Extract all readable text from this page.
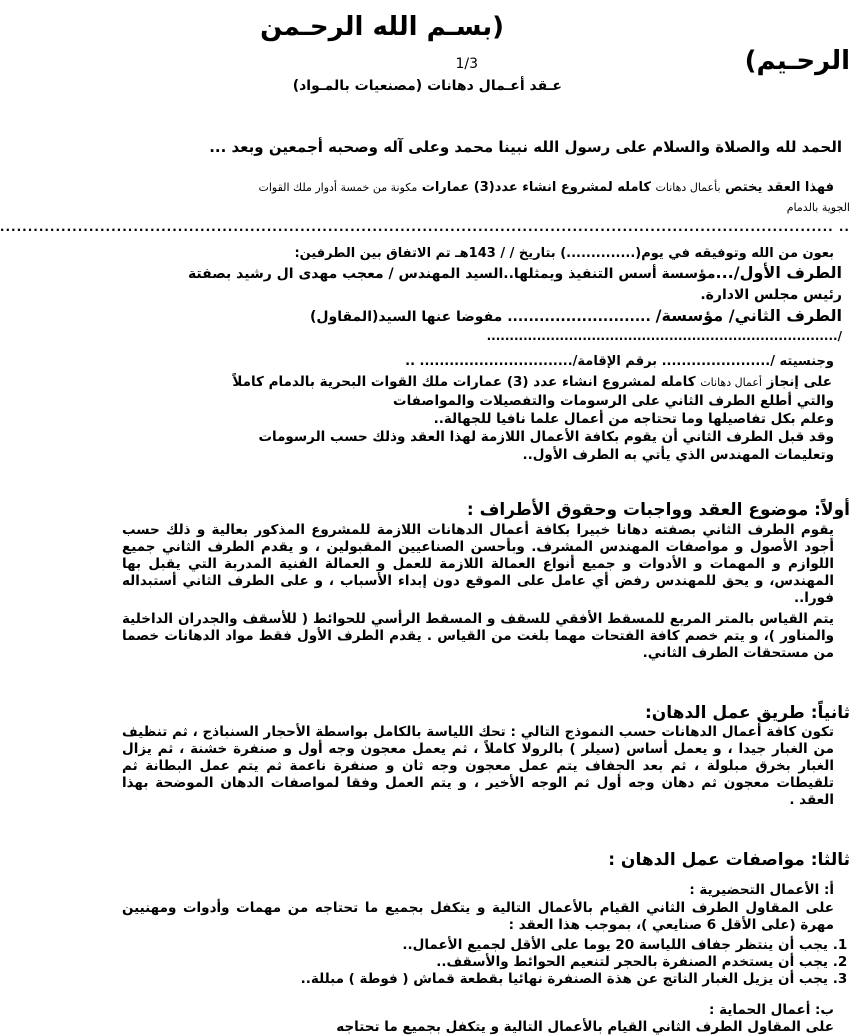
(بسـم الله الرحـمن
الرحـيم)
1/3
عـقد أعـمال دهانات (مصنعيات بالمـواد)
الحمد لله والصلاة والسلام على رسول الله نبينا محمد وعلى آله وصحبه أجمعين وبعد ...
فهذا العقد يختص بأعمال دهانات كامله لمشروع انشاء عدد(3) عمارات مكونة من خمسة أدوار ملك القوات
الجوية بالدمام
.. ......................................................................................................................................................
بعون من الله وتوفيقه في يوم(..............) بتاريخ / / 143هـ تم الاتفاق بين الطرفين:
الطرف الأول/...مؤسسة أسس التنفيذ ويمثلها..السيد المهندس / معجب مهدى ال رشيد بصفتة
رئيس مجلس الادارة.
الطرف الثاني/ مؤسسة/ ........................... مفوضا عنها السيد(المقاول)
/.............................................................................
وجنسيته /...................... برقم الإقامة/............................... ..
على إنجاز أعمال دهانات كامله لمشروع انشاء عدد (3) عمارات ملك القوات البحرية بالدمام كاملاً
والتي أطلع الطرف الثاني على الرسومات والتفصيلات والمواصفات
وعلم بكل تفاصيلها وما تحتاجه من أعمال علما نافيا للجهالة..
وقد قبل الطرف الثاني أن يقوم بكافة الأعمال اللازمة لهذا العقد وذلك حسب الرسومات
وتعليمات المهندس الذي يأتي به الطرف الأول..
أولاً: موضوع العقد وواجبات وحقوق الأطراف :
يقوم الطرف الثاني بصفته دهانا خبيرا بكافة أعمال الدهانات اللازمة للمشروع المذكور بعالية و ذلك حسب أجود الأصول و مواصفات المهندس المشرف. وبأحسن الصناعيين المقبولين ، و يقدم الطرف الثاني جميع اللوازم و المهمات و الأدوات و جميع أنواع العمالة اللازمة للعمل و العمالة الفنية المدربة التي يقبل بها المهندس، و يحق للمهندس رفض أي عامل على الموقع دون إبداء الأسباب ، و على الطرف الثاني أستبداله فورا..
يتم القياس بالمتر المربع للمسقط الأفقي للسقف و المسقط الرأسي للحوائط ( للأسقف والجدران الداخلية والمناور )، و يتم خصم كافة الفتحات مهما بلغت من القياس . يقدم الطرف الأول فقط مواد الدهانات خصما من مستحقات الطرف الثاني.
ثانياً: طريق عمل الدهان:
تكون كافة أعمال الدهانات حسب النموذج التالي : تحك اللياسة بالكامل بواسطة الأحجار السنباذج ، ثم تنظيف من الغبار جيدا ، و يعمل أساس (سيلر ) بالرولا كاملاً ، ثم يعمل معجون وجه أول و صنفرة خشنة ، ثم يزال الغبار بخرق مبلولة ، ثم بعد الجفاف يتم عمل معجون وجه ثان و صنفرة ناعمة ثم يتم عمل البطانة ثم تلقيطات معجون ثم دهان وجه أول ثم الوجه الأخير ، و يتم العمل وفقا لمواصفات الدهان الموضحة بهذا العقد .
ثالثا: مواصفات عمل الدهان :
أ: الأعمال التحضيرية :
على المقاول الطرف الثاني القيام بالأعمال التالية و يتكفل بجميع ما تحتاجه من مهمات وأدوات ومهنيين مهرة (على الأقل 6 صنايعي )، بموجب هذا العقد :
1. يجب أن ينتظر جفاف اللياسة 20 يوما على الأقل لجميع الأعمال..
2. يجب أن يستخدم الصنفرة بالحجر لتنعيم الحوائط والأسقف..
3. يجب أن يزيل الغبار الناتج عن هذة الصنفرة نهائيا بقطعة قماش ( فوطة ) مبللة..
ب: أعمال الحماية :
على المقاول الطرف الثاني القيام بالأعمال التالية و يتكفل بجميع ما تحتاجه
